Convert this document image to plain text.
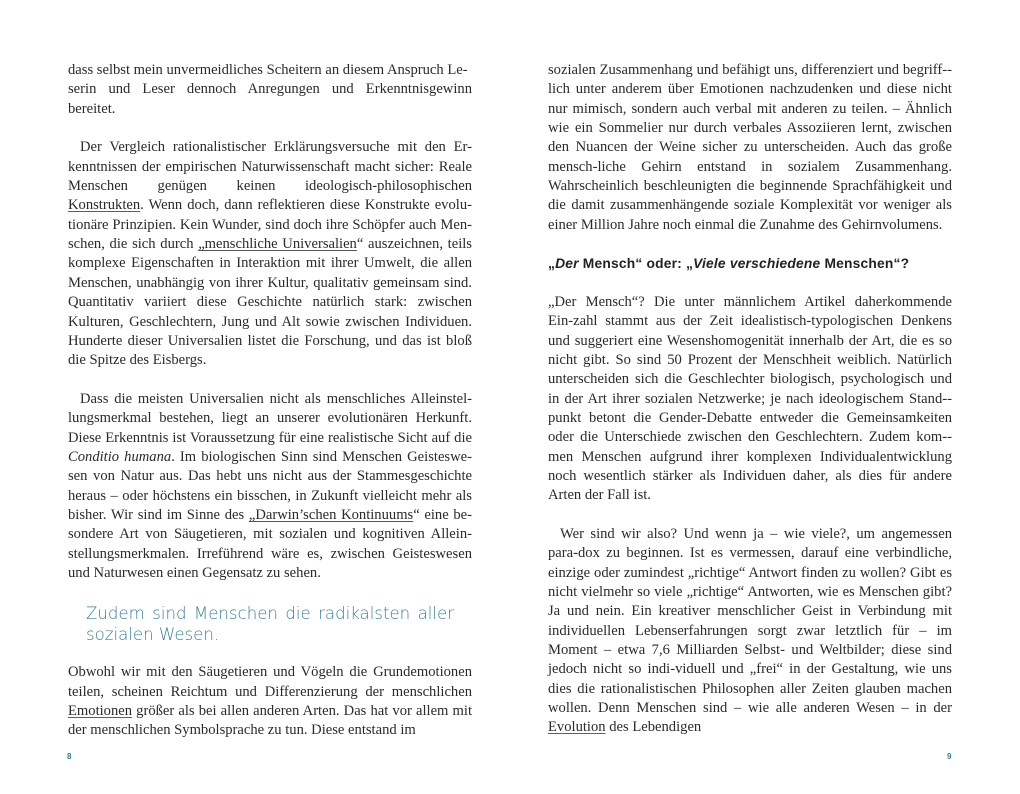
dass selbst mein unvermeidliches Scheitern an diesem Anspruch Le-
serin und Leser dennoch Anregungen und Erkenntnisgewinn bereitet.

Der Vergleich rationalistischer Erklärungsversuche mit den Er-kenntnissen der empirischen Naturwissenschaft macht sicher: Reale Menschen genügen keinen ideologisch-philosophischen Konstrukten. Wenn doch, dann reflektieren diese Konstrukte evolu- tionäre Prinzipien. Kein Wunder, sind doch ihre Schöpfer auch Men- schen, die sich durch „menschliche Universalien“ auszeichnen, teils komplexe Eigenschaften in Interaktion mit ihrer Umwelt, die allen Menschen, unabhängig von ihrer Kultur, qualitativ gemeinsam sind. Quantitativ variiert diese Geschichte natürlich stark: zwischen Kulturen, Geschlechtern, Jung und Alt sowie zwischen Individuen. Hunderte dieser Universalien listet die Forschung, und das ist bloß die Spitze des Eisbergs.

Dass die meisten Universalien nicht als menschliches Alleinstel- lungsmerkmal bestehen, liegt an unserer evolutionären Herkunft. Diese Erkenntnis ist Voraussetzung für eine realistische Sicht auf die Conditio humana. Im biologischen Sinn sind Menschen Geisteswe- sen von Natur aus. Das hebt uns nicht aus der Stammesgeschichte heraus – oder höchstens ein bisschen, in Zukunft vielleicht mehr als bisher. Wir sind im Sinne des „Darwin’schen Kontinuums“ eine be- sondere Art von Säugetieren, mit sozialen und kognitiven Allein- stellungsmerkmalen. Irreführend wäre es, zwischen Geisteswesen und Naturwesen einen Gegensatz zu sehen.

Zudem sind Menschen die radikalsten aller sozialen Wesen.

Obwohl wir mit den Säugetieren und Vögeln die Grundemotionen teilen, scheinen Reichtum und Differenzierung der menschlichen Emotionen größer als bei allen anderen Arten. Das hat vor allem mit der menschlichen Symbolsprache zu tun. Diese entstand im

8

sozialen Zusammenhang und befähigt uns, differenziert und begriff-lich unter anderem über Emotionen nachzudenken und diese nicht nur mimisch, sondern auch verbal mit anderen zu teilen. – Ähnlich wie ein Sommelier nur durch verbales Assoziieren lernt, zwischen den Nuancen der Weine sicher zu unterscheiden. Auch das große mensch-liche Gehirn entstand in sozialem Zusammenhang. Wahrscheinlich beschleunigten die beginnende Sprachfähigkeit und die damit zusammenhängende soziale Komplexität vor weniger als einer Million Jahre noch einmal die Zunahme des Gehirnvolumens.

„Der Mensch“ oder: „Viele verschiedene Menschen“?

„Der Mensch“? Die unter männlichem Artikel daherkommende Ein-zahl stammt aus der Zeit idealistisch-typologischen Denkens und suggeriert eine Wesenshomogenität innerhalb der Art, die es so nicht gibt. So sind 50 Prozent der Menschheit weiblich. Natürlich unterscheiden sich die Geschlechter biologisch, psychologisch und in der Art ihrer sozialen Netzwerke; je nach ideologischem Stand-punkt betont die Gender-Debatte entweder die Gemeinsamkeiten oder die Unterschiede zwischen den Geschlechtern. Zudem kom-men Menschen aufgrund ihrer komplexen Individualentwicklung noch wesentlich stärker als Individuen daher, als dies für andere Arten der Fall ist.

Wer sind wir also? Und wenn ja – wie viele?, um angemessen para-dox zu beginnen. Ist es vermessen, darauf eine verbindliche, einzige oder zumindest „richtige“ Antwort finden zu wollen? Gibt es nicht vielmehr so viele „richtige“ Antworten, wie es Menschen gibt? Ja und nein. Ein kreativer menschlicher Geist in Verbindung mit individuellen Lebenserfahrungen sorgt zwar letztlich für – im Moment – etwa 7,6 Milliarden Selbst- und Weltbilder; diese sind jedoch nicht so indi-viduell und „frei“ in der Gestaltung, wie uns dies die rationalistischen Philosophen aller Zeiten glauben machen wollen. Denn Menschen sind – wie alle anderen Wesen – in der Evolution des Lebendigen

9
